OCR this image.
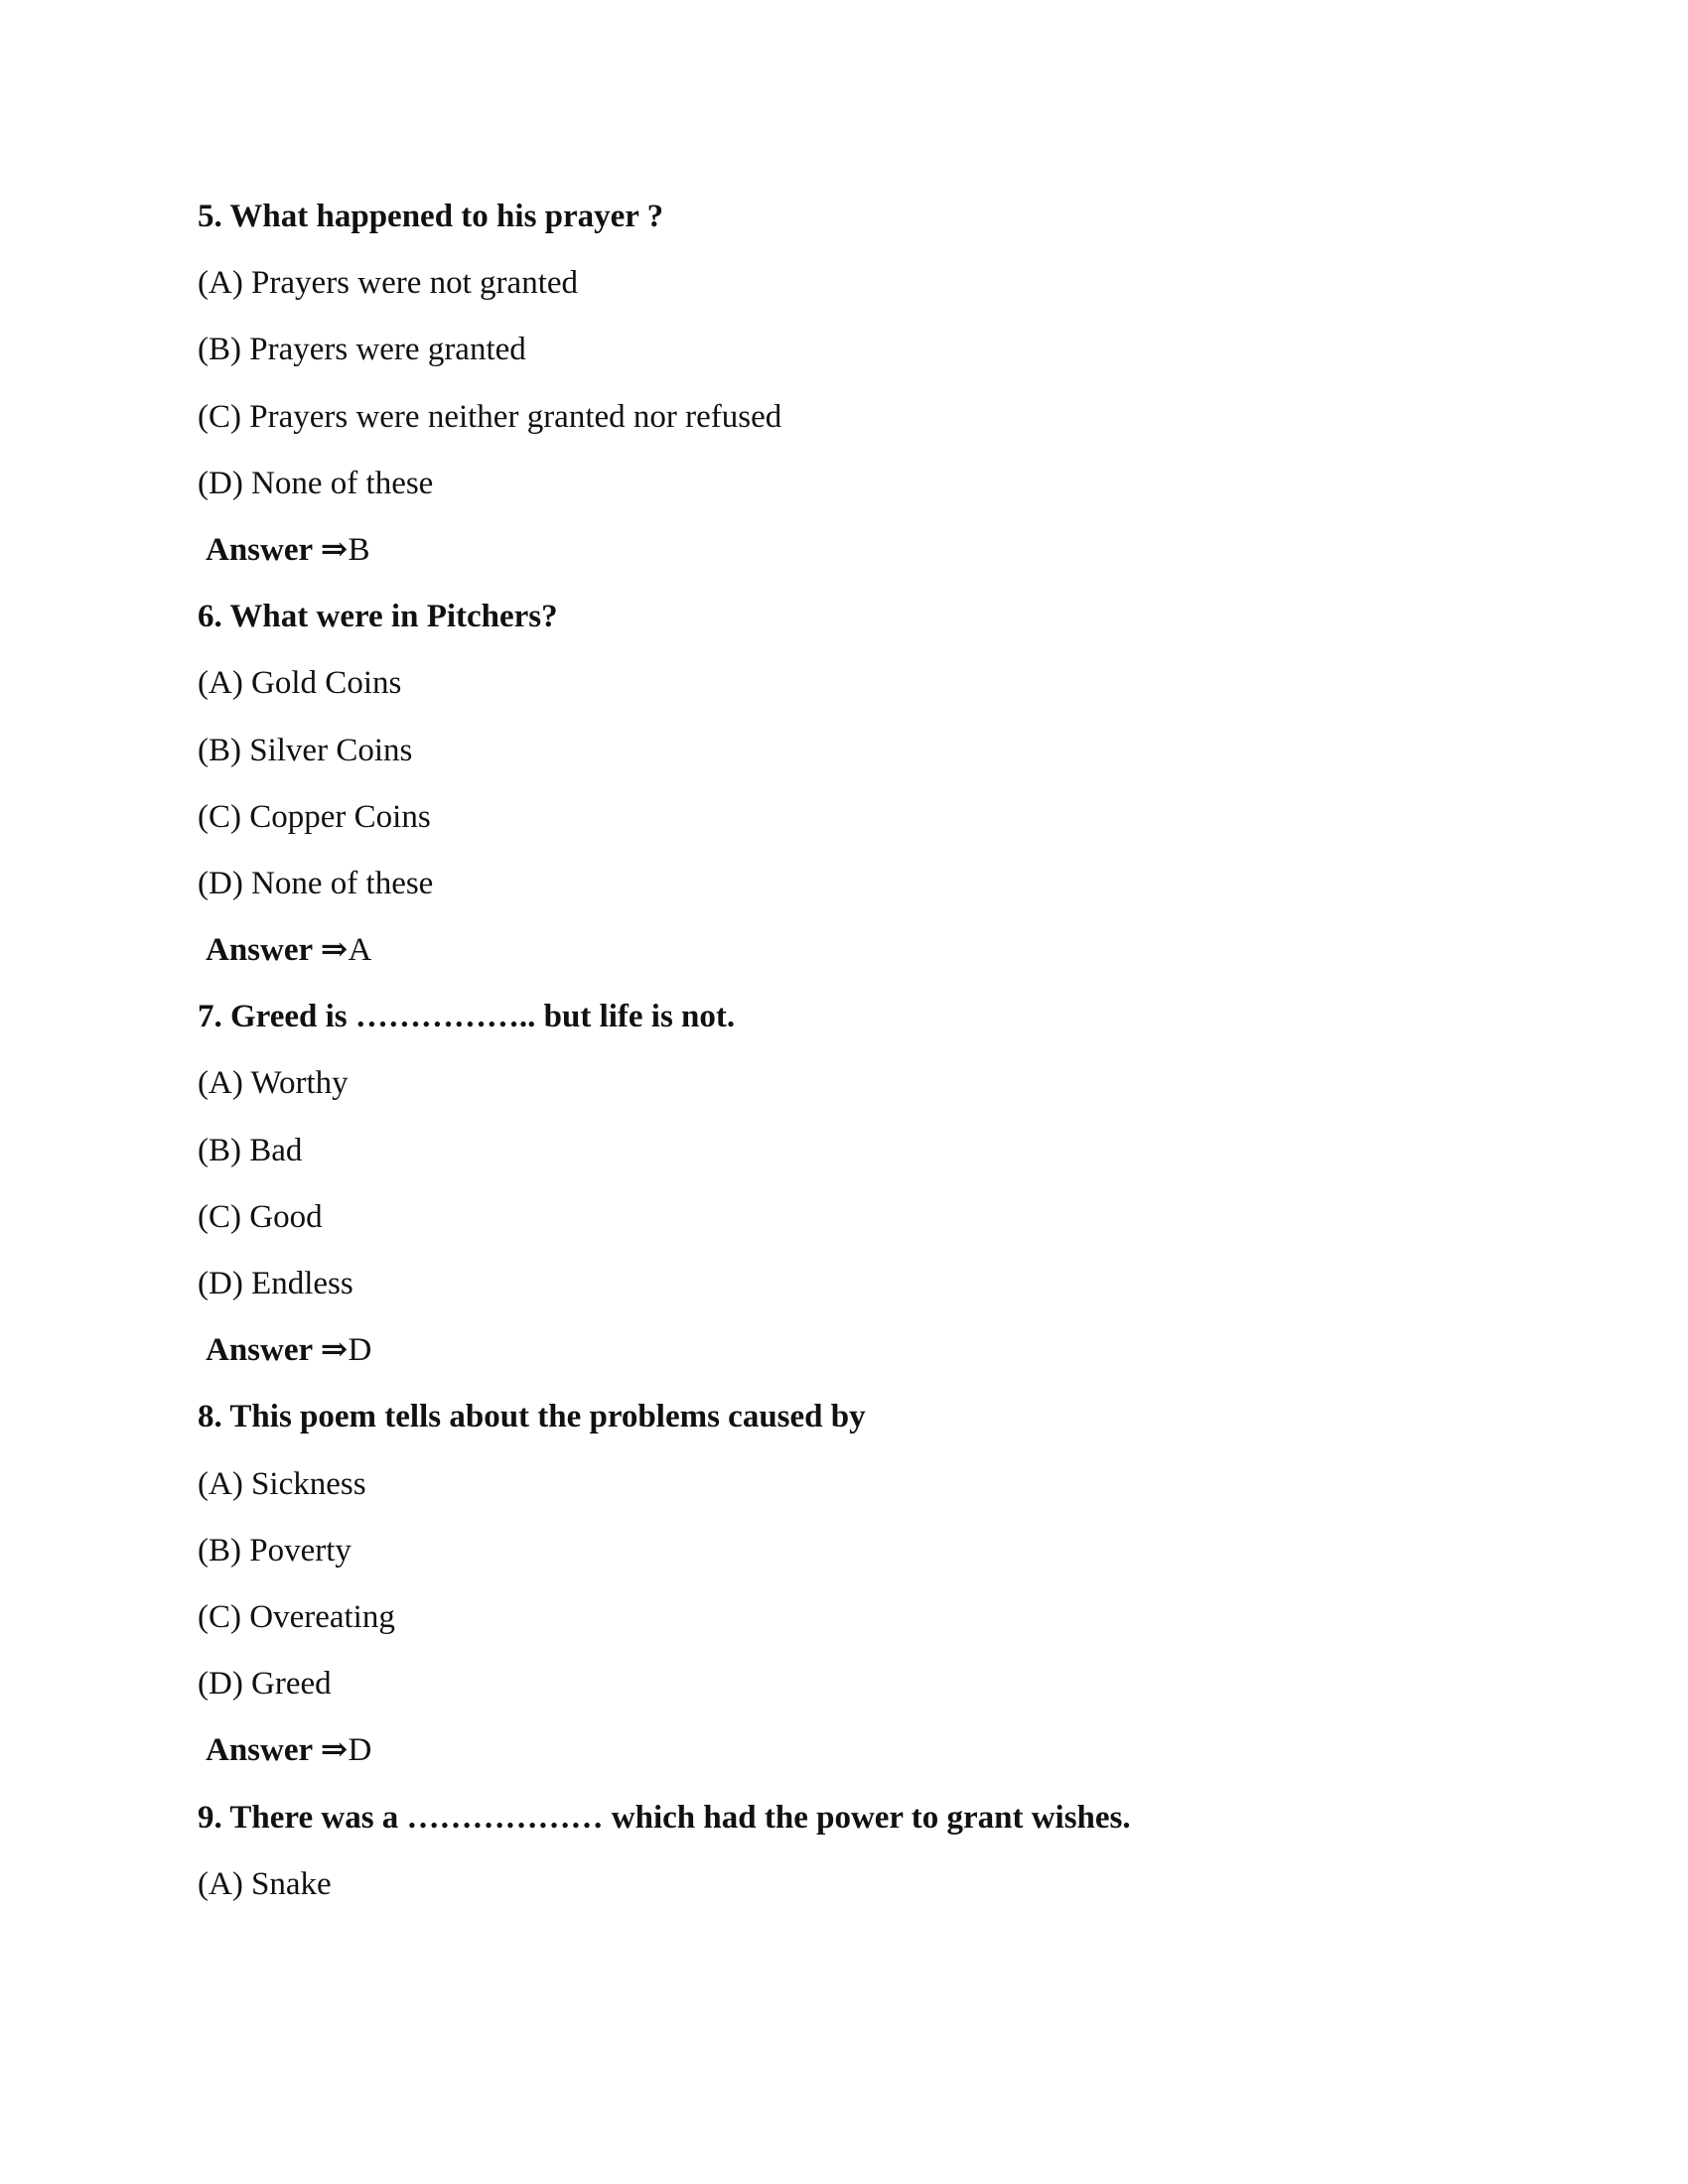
5. What happened to his prayer ?
(A) Prayers were not granted
(B) Prayers were granted
(C) Prayers were neither granted nor refused
(D) None of these
Answer ⇒B
6. What were in Pitchers?
(A) Gold Coins
(B) Silver Coins
(C) Copper Coins
(D) None of these
Answer ⇒A
7. Greed is …………….. but life is not.
(A) Worthy
(B) Bad
(C) Good
(D) Endless
Answer ⇒D
8. This poem tells about the problems caused by
(A) Sickness
(B) Poverty
(C) Overeating
(D) Greed
Answer ⇒D
9. There was a ……………… which had the power to grant wishes.
(A) Snake
